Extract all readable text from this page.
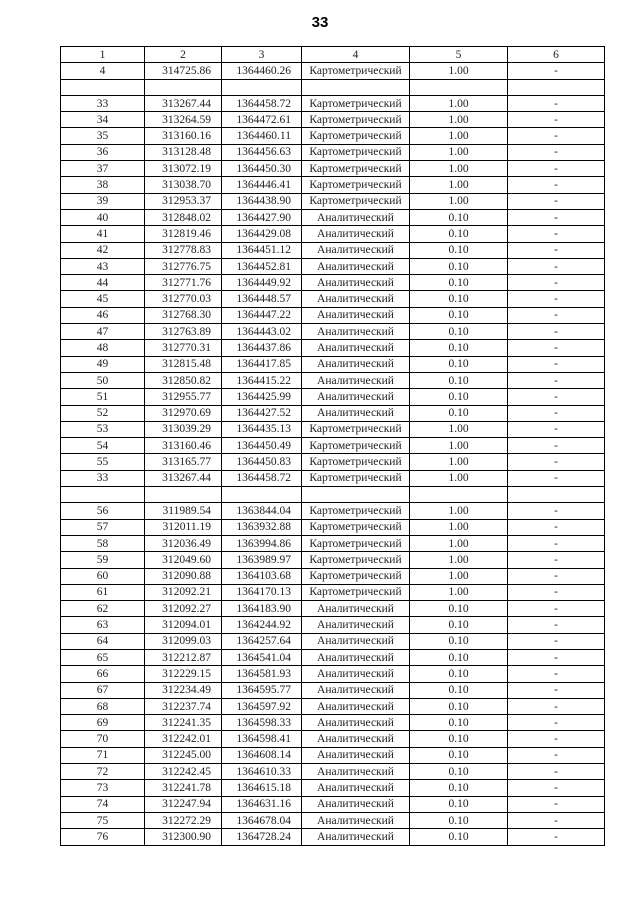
33
1	2	3	4	5	6
4	314725.86	1364460.26	Картометрический	1.00	-

33	313267.44	1364458.72	Картометрический	1.00	-
34	313264.59	1364472.61	Картометрический	1.00	-
35	313160.16	1364460.11	Картометрический	1.00	-
36	313128.48	1364456.63	Картометрический	1.00	-
37	313072.19	1364450.30	Картометрический	1.00	-
38	313038.70	1364446.41	Картометрический	1.00	-
39	312953.37	1364438.90	Картометрический	1.00	-
40	312848.02	1364427.90	Аналитический	0.10	-
41	312819.46	1364429.08	Аналитический	0.10	-
42	312778.83	1364451.12	Аналитический	0.10	-
43	312776.75	1364452.81	Аналитический	0.10	-
44	312771.76	1364449.92	Аналитический	0.10	-
45	312770.03	1364448.57	Аналитический	0.10	-
46	312768.30	1364447.22	Аналитический	0.10	-
47	312763.89	1364443.02	Аналитический	0.10	-
48	312770.31	1364437.86	Аналитический	0.10	-
49	312815.48	1364417.85	Аналитический	0.10	-
50	312850.82	1364415.22	Аналитический	0.10	-
51	312955.77	1364425.99	Аналитический	0.10	-
52	312970.69	1364427.52	Аналитический	0.10	-
53	313039.29	1364435.13	Картометрический	1.00	-
54	313160.46	1364450.49	Картометрический	1.00	-
55	313165.77	1364450.83	Картометрический	1.00	-
33	313267.44	1364458.72	Картометрический	1.00	-

56	311989.54	1363844.04	Картометрический	1.00	-
57	312011.19	1363932.88	Картометрический	1.00	-
58	312036.49	1363994.86	Картометрический	1.00	-
59	312049.60	1363989.97	Картометрический	1.00	-
60	312090.88	1364103.68	Картометрический	1.00	-
61	312092.21	1364170.13	Картометрический	1.00	-
62	312092.27	1364183.90	Аналитический	0.10	-
63	312094.01	1364244.92	Аналитический	0.10	-
64	312099.03	1364257.64	Аналитический	0.10	-
65	312212.87	1364541.04	Аналитический	0.10	-
66	312229.15	1364581.93	Аналитический	0.10	-
67	312234.49	1364595.77	Аналитический	0.10	-
68	312237.74	1364597.92	Аналитический	0.10	-
69	312241.35	1364598.33	Аналитический	0.10	-
70	312242.01	1364598.41	Аналитический	0.10	-
71	312245.00	1364608.14	Аналитический	0.10	-
72	312242.45	1364610.33	Аналитический	0.10	-
73	312241.78	1364615.18	Аналитический	0.10	-
74	312247.94	1364631.16	Аналитический	0.10	-
75	312272.29	1364678.04	Аналитический	0.10	-
76	312300.90	1364728.24	Аналитический	0.10	-
